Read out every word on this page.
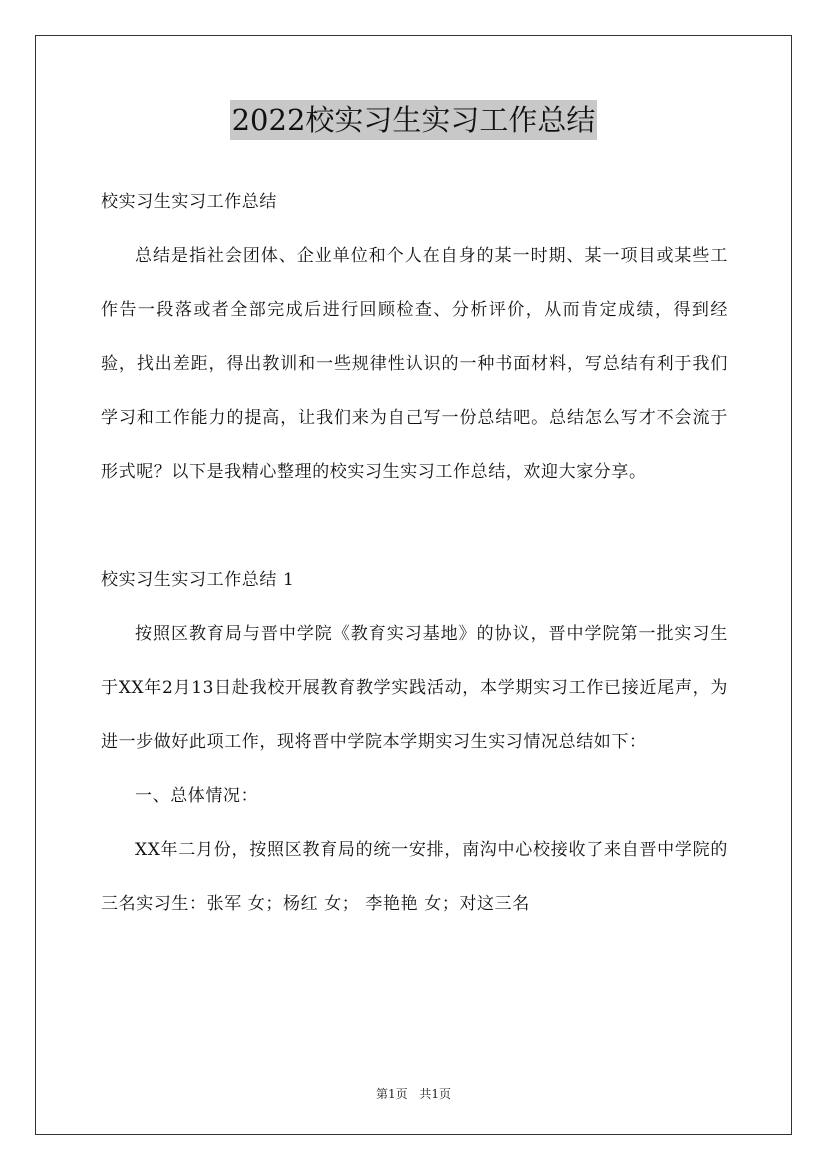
2022校实习生实习工作总结

校实习生实习工作总结

总结是指社会团体、企业单位和个人在自身的某一时期、某一项目或某些工作告一段落或者全部完成后进行回顾检查、分析评价，从而肯定成绩，得到经验，找出差距，得出教训和一些规律性认识的一种书面材料，写总结有利于我们学习和工作能力的提高，让我们来为自己写一份总结吧。总结怎么写才不会流于形式呢？以下是我精心整理的校实习生实习工作总结，欢迎大家分享。

校实习生实习工作总结 1

按照区教育局与晋中学院《教育实习基地》的协议，晋中学院第一批实习生于XX年2月13日赴我校开展教育教学实践活动，本学期实习工作已接近尾声，为进一步做好此项工作，现将晋中学院本学期实习生实习情况总结如下：

一、总体情况：

XX年二月份，按照区教育局的统一安排，南沟中心校接收了来自晋中学院的三名实习生：张军 女；杨红 女； 李艳艳 女；对这三名

第1页 共1页
